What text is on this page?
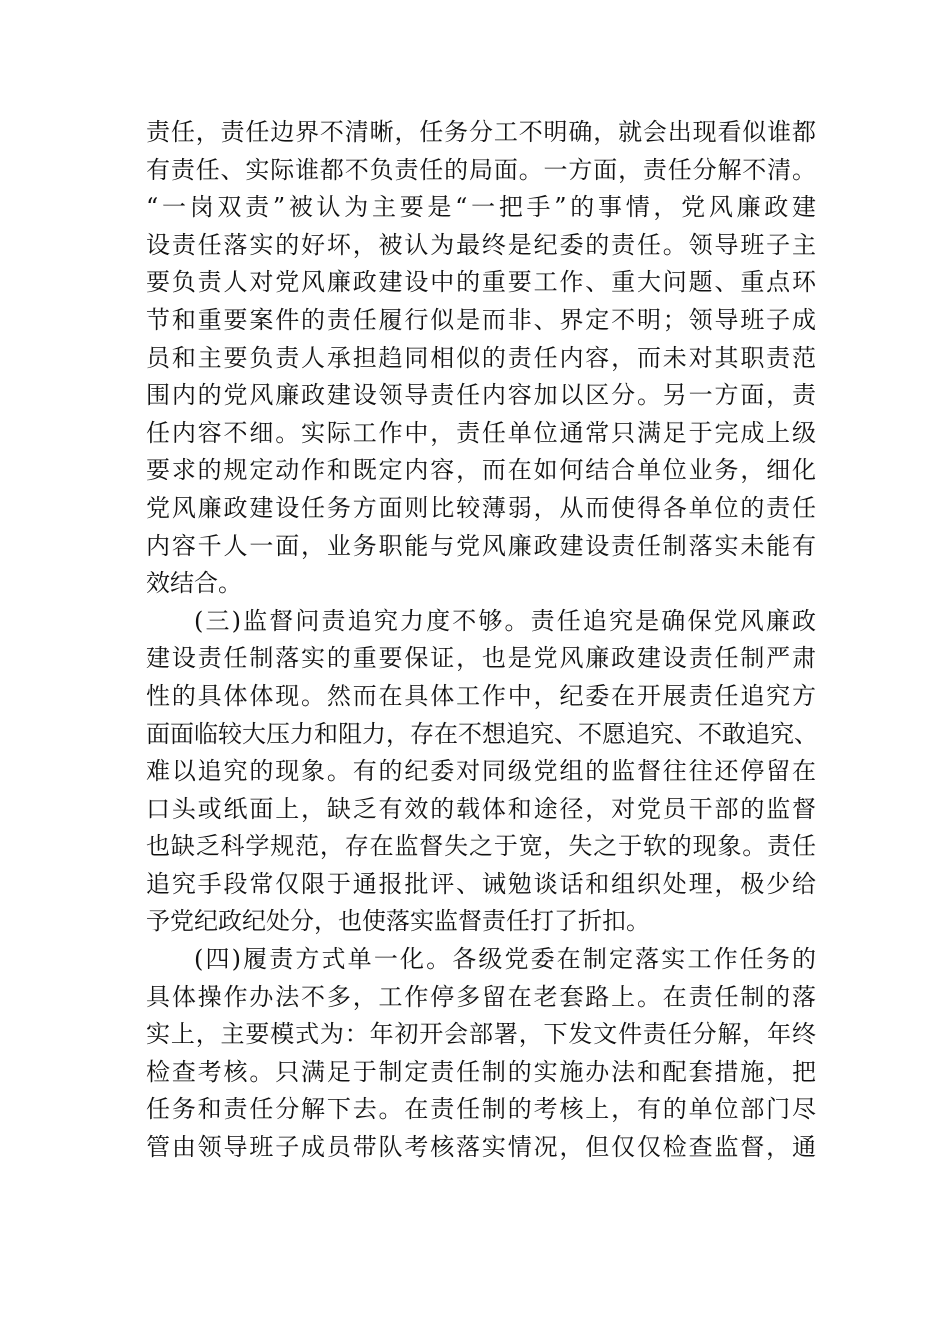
责任，责任边界不清晰，任务分工不明确，就会出现看似谁都
有责任、实际谁都不负责任的局面。一方面，责任分解不清。
“一岗双责”被认为主要是“一把手”的事情，党风廉政建
设责任落实的好坏，被认为最终是纪委的责任。领导班子主
要负责人对党风廉政建设中的重要工作、重大问题、重点环
节和重要案件的责任履行似是而非、界定不明；领导班子成
员和主要负责人承担趋同相似的责任内容，而未对其职责范
围内的党风廉政建设领导责任内容加以区分。另一方面，责
任内容不细。实际工作中，责任单位通常只满足于完成上级
要求的规定动作和既定内容，而在如何结合单位业务，细化
党风廉政建设任务方面则比较薄弱，从而使得各单位的责任
内容千人一面，业务职能与党风廉政建设责任制落实未能有
效结合。
(三)监督问责追究力度不够。责任追究是确保党风廉政
建设责任制落实的重要保证，也是党风廉政建设责任制严肃
性的具体体现。然而在具体工作中，纪委在开展责任追究方
面面临较大压力和阻力，存在不想追究、不愿追究、不敢追究、
难以追究的现象。有的纪委对同级党组的监督往往还停留在
口头或纸面上，缺乏有效的载体和途径，对党员干部的监督
也缺乏科学规范，存在监督失之于宽，失之于软的现象。责任
追究手段常仅限于通报批评、诫勉谈话和组织处理，极少给
予党纪政纪处分，也使落实监督责任打了折扣。
(四)履责方式单一化。各级党委在制定落实工作任务的
具体操作办法不多，工作停多留在老套路上。在责任制的落
实上，主要模式为：年初开会部署，下发文件责任分解，年终
检查考核。只满足于制定责任制的实施办法和配套措施，把
任务和责任分解下去。在责任制的考核上，有的单位部门尽
管由领导班子成员带队考核落实情况，但仅仅检查监督，通
